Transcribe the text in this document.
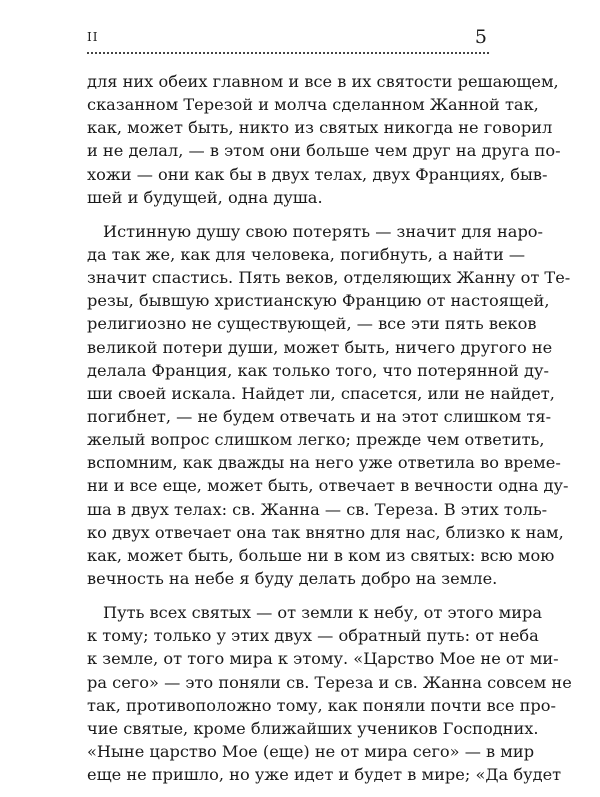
II	5
для них обеих главном и все в их святости решающем,
сказанном Терезой и молча сделанном Жанной так,
как, может быть, никто из святых никогда не говорил
и не делал, — в этом они больше чем друг на друга по-
хожи — они как бы в двух телах, двух Франциях, быв-
шей и будущей, одна душа.
Истинную душу свою потерять — значит для наро-
да так же, как для человека, погибнуть, а найти —
значит спастись. Пять веков, отделяющих Жанну от Те-
резы, бывшую христианскую Францию от настоящей,
религиозно не существующей, — все эти пять веков
великой потери души, может быть, ничего другого не
делала Франция, как только того, что потерянной ду-
ши своей искала. Найдет ли, спасется, или не найдет,
погибнет, — не будем отвечать и на этот слишком тя-
желый вопрос слишком легко; прежде чем ответить,
вспомним, как дважды на него уже ответила во време-
ни и все еще, может быть, отвечает в вечности одна ду-
ша в двух телах: св. Жанна — св. Тереза. В этих толь-
ко двух отвечает она так внятно для нас, близко к нам,
как, может быть, больше ни в ком из святых: всю мою
вечность на небе я буду делать добро на земле.
Путь всех святых — от земли к небу, от этого мира
к тому; только у этих двух — обратный путь: от неба
к земле, от того мира к этому. «Царство Мое не от ми-
ра сего» — это поняли св. Тереза и св. Жанна совсем не
так, противоположно тому, как поняли почти все про-
чие святые, кроме ближайших учеников Господних.
«Ныне царство Мое (еще) не от мира сего» — в мир
еще не пришло, но уже идет и будет в мире; «Да будет
